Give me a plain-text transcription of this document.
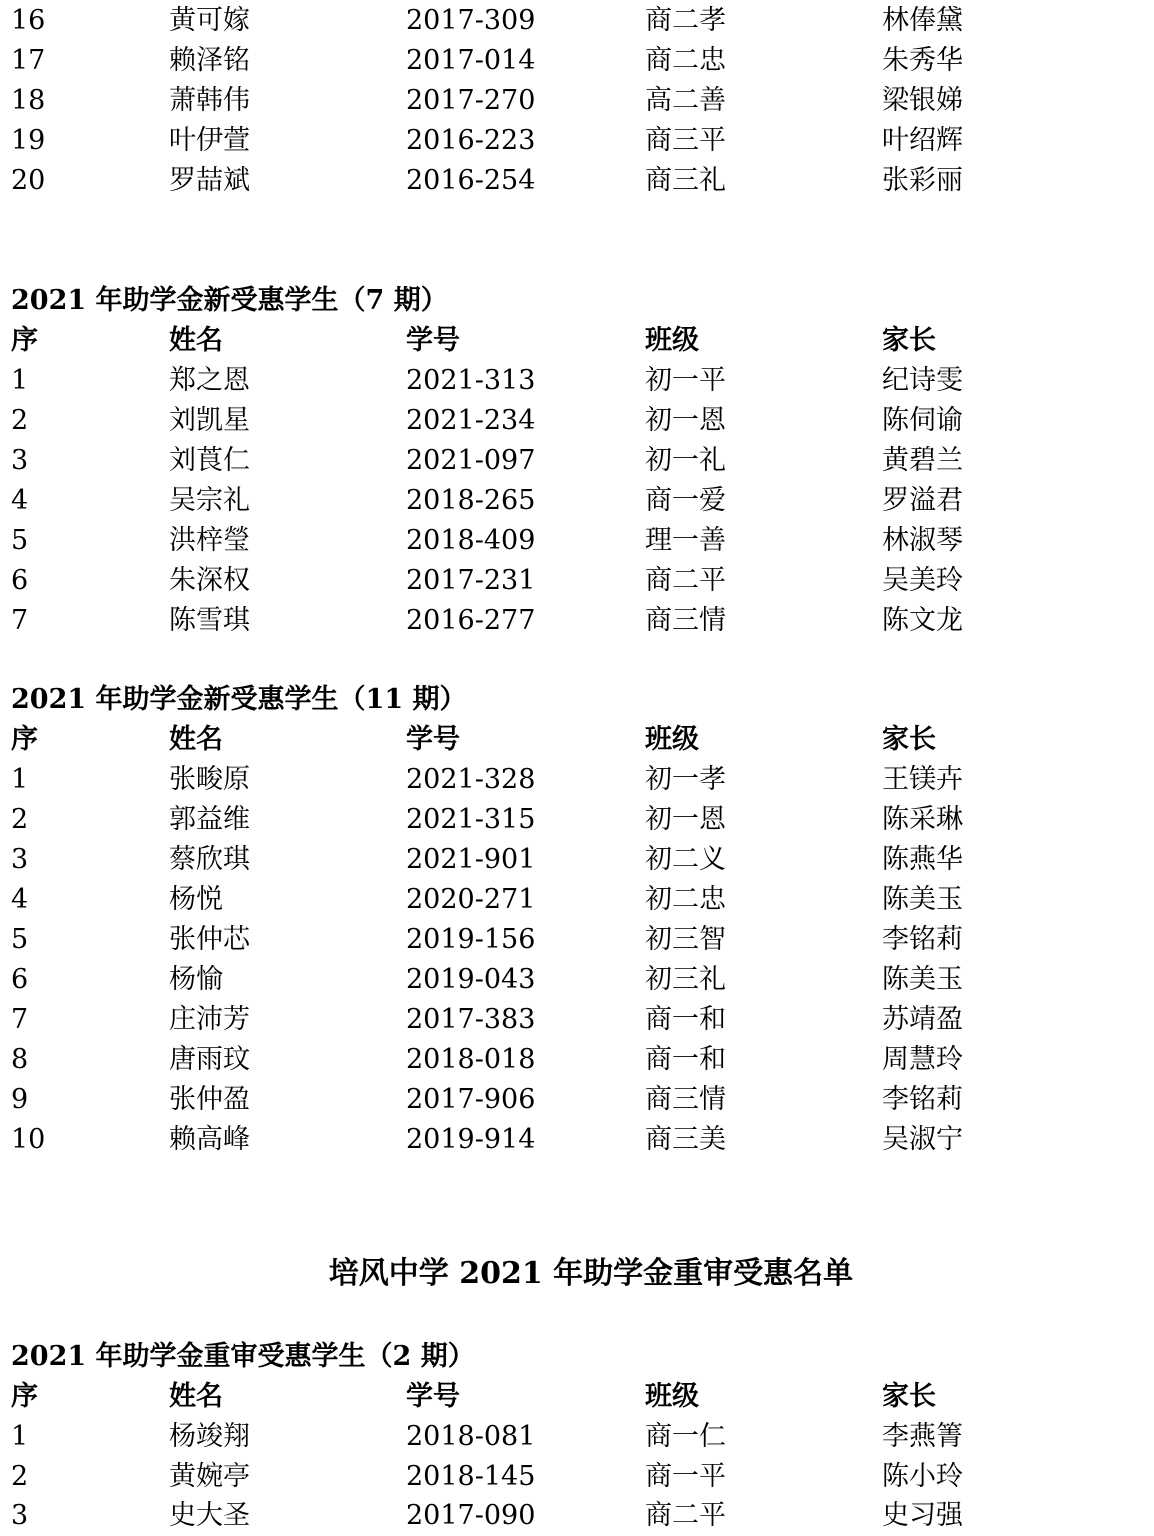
16	黄可嫁	2017-309	商二孝	林俸黛
17	赖泽铭	2017-014	商二忠	朱秀华
18	萧韩伟	2017-270	高二善	梁银娣
19	叶伊萱	2016-223	商三平	叶绍辉
20	罗喆斌	2016-254	商三礼	张彩丽
2021 年助学金新受惠学生（7 期）
序	姓名	学号	班级	家长
1	郑之恩	2021-313	初一平	纪诗雯
2	刘凯星	2021-234	初一恩	陈伺谕
3	刘莨仁	2021-097	初一礼	黄碧兰
4	吴宗礼	2018-265	商一爱	罗溢君
5	洪梓瑩	2018-409	理一善	林淑琴
6	朱深权	2017-231	商二平	吴美玲
7	陈雪琪	2016-277	商三情	陈文龙
2021 年助学金新受惠学生（11 期）
序	姓名	学号	班级	家长
1	张畯原	2021-328	初一孝	王镁卉
2	郭益维	2021-315	初一恩	陈采琳
3	蔡欣琪	2021-901	初二义	陈燕华
4	杨悦	2020-271	初二忠	陈美玉
5	张仲芯	2019-156	初三智	李铭莉
6	杨愉	2019-043	初三礼	陈美玉
7	庄沛芳	2017-383	商一和	苏靖盈
8	唐雨玟	2018-018	商一和	周慧玲
9	张仲盈	2017-906	商三情	李铭莉
10	赖高峰	2019-914	商三美	吴淑宁
培风中学 2021 年助学金重审受惠名单
2021 年助学金重审受惠学生（2 期）
序	姓名	学号	班级	家长
1	杨竣翔	2018-081	商一仁	李燕箐
2	黄婉亭	2018-145	商一平	陈小玲
3	史大圣	2017-090	商二平	史习强
